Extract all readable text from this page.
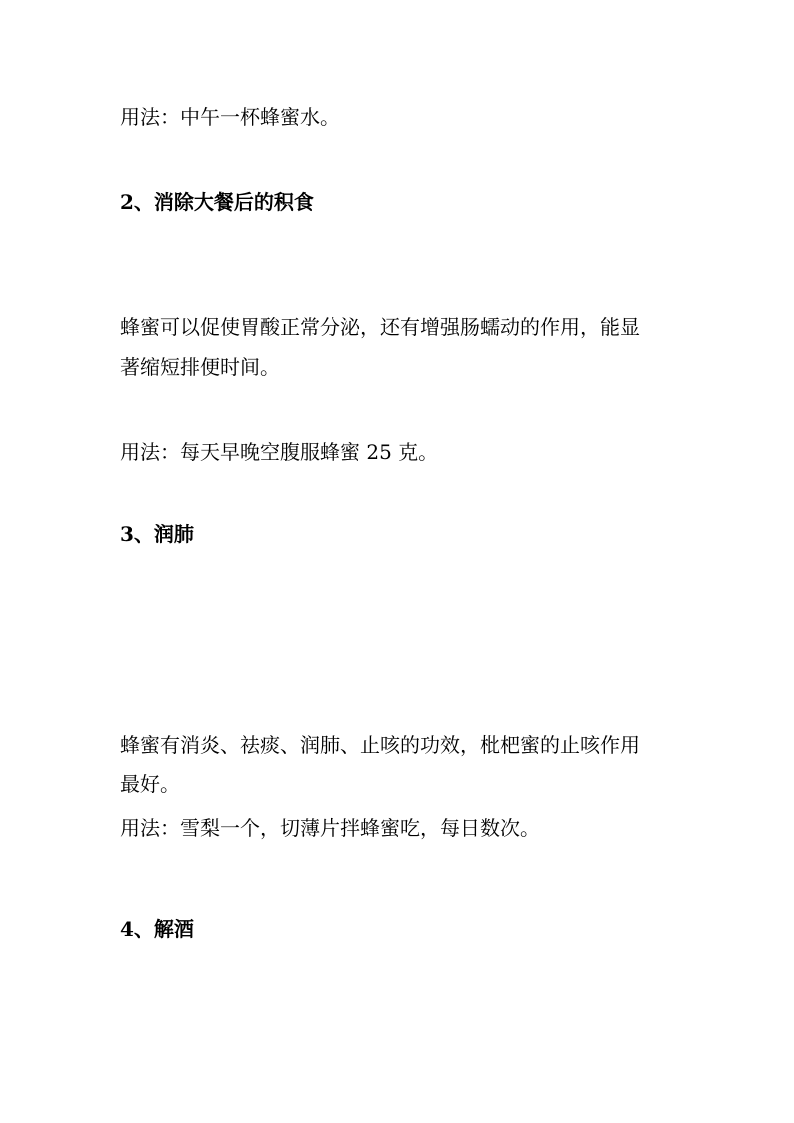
用法：中午一杯蜂蜜水。
2、消除大餐后的积食
蜂蜜可以促使胃酸正常分泌，还有增强肠蠕动的作用，能显
著缩短排便时间。
用法：每天早晚空腹服蜂蜜 25 克。
3、润肺
蜂蜜有消炎、祛痰、润肺、止咳的功效，枇杷蜜的止咳作用
最好。
用法：雪梨一个，切薄片拌蜂蜜吃，每日数次。
4、解酒
